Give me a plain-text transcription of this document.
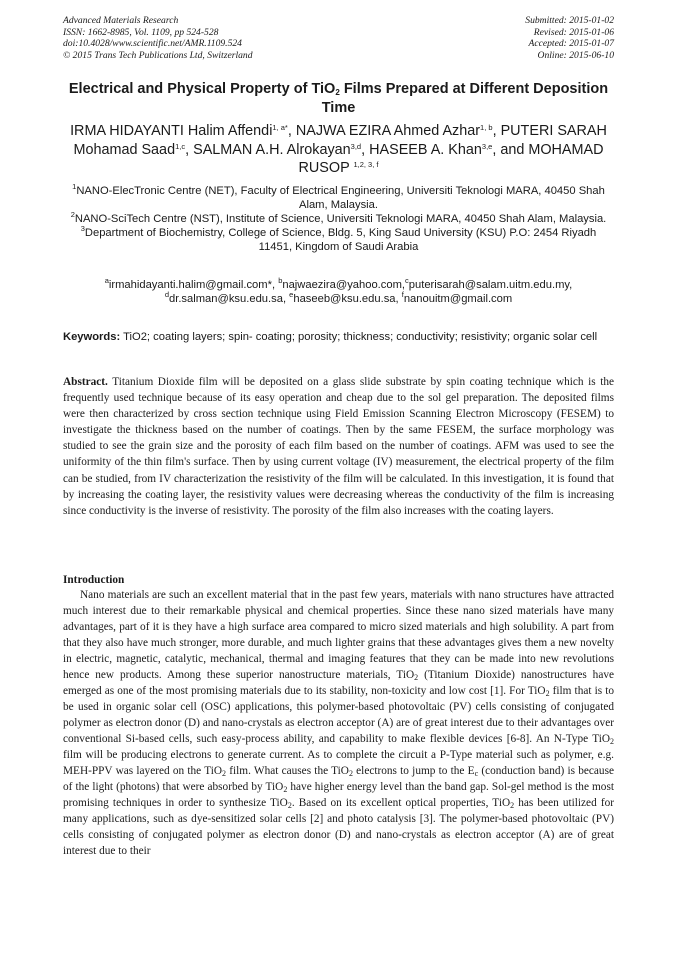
Advanced Materials Research
ISSN: 1662-8985, Vol. 1109, pp 524-528
doi:10.4028/www.scientific.net/AMR.1109.524
© 2015 Trans Tech Publications Ltd, Switzerland
Submitted: 2015-01-02
Revised: 2015-01-06
Accepted: 2015-01-07
Online: 2015-06-10
Electrical and Physical Property of TiO$_2$ Films Prepared at Different Deposition Time
IRMA HIDAYANTI Halim Affendi$^{1, a*}$, NAJWA EZIRA Ahmed Azhar$^{1, b}$, PUTERI SARAH Mohamad Saad$^{1,c}$, SALMAN A.H. Alrokayan$^{3,d}$, HASEEB A. Khan$^{3,e}$, and MOHAMAD RUSOP $^{1,2, 3, f}$

$^1$NANO-ElecTronic Centre (NET), Faculty of Electrical Engineering, Universiti Teknologi MARA, 40450 Shah Alam, Malaysia.

$^2$NANO-SciTech Centre (NST), Institute of Science, Universiti Teknologi MARA, 40450 Shah Alam, Malaysia.

$^3$Department of Biochemistry, College of Science, Bldg. 5, King Saud University (KSU) P.O: 2454 Riyadh 11451, Kingdom of Saudi Arabia

$^a$irmahidayanti.halim@gmail.com*, $^b$najwaezira@yahoo.com,$^c$puterisarah@salam.uitm.edu.my,

$^d$dr.salman@ksu.edu.sa, $^e$haseeb@ksu.edu.sa, $^f$nanouitm@gmail.com

Keywords: TiO2; coating layers; spin- coating; porosity; thickness; conductivity; resistivity; organic solar cell

Abstract. Titanium Dioxide film will be deposited on a glass slide substrate by spin coating technique which is the frequently used technique because of its easy operation and cheap due to the sol gel preparation. The deposited films were then characterized by cross section technique using Field Emission Scanning Electron Microscopy (FESEM) to investigate the thickness based on the number of coatings. Then by the same FESEM, the surface morphology was studied to see the grain size and the porosity of each film based on the number of coatings. AFM was used to see the uniformity of the thin film's surface. Then by using current voltage (IV) measurement, the electrical property of the film can be studied, from IV characterization the resistivity of the film will be calculated. In this investigation, it is found that by increasing the coating layer, the resistivity values were decreasing whereas the conductivity of the film is increasing since conductivity is the inverse of resistivity. The porosity of the film also increases with the coating layers.

Introduction

Nano materials are such an excellent material that in the past few years, materials with nano structures have attracted much interest due to their remarkable physical and chemical properties. Since these nano sized materials have many advantages, part of it is they have a high surface area compared to micro sized materials and high solubility. A part from that they also have much stronger, more durable, and much lighter grains that these advantages gives them a new novelty in electric, magnetic, catalytic, mechanical, thermal and imaging features that they can be made into new revolutions hence new products. Among these superior nanostructure materials, TiO$_2$ (Titanium Dioxide) nanostructures have emerged as one of the most promising materials due to its stability, non-toxicity and low cost [1]. For TiO$_2$ film that is to be used in organic solar cell (OSC) applications, this polymer-based photovoltaic (PV) cells consisting of conjugated polymer as electron donor (D) and nano-crystals as electron acceptor (A) are of great interest due to their advantages over conventional Si-based cells, such easy-process ability, and capability to make flexible devices [6-8]. An N-Type TiO$_2$ film will be producing electrons to generate current. As to complete the circuit a P-Type material such as polymer, e.g. MEH-PPV was layered on the TiO$_2$ film. What causes the TiO$_2$ electrons to jump to the $E_c$ (conduction band) is because of the light (photons) that were absorbed by TiO$_2$ have higher energy level than the band gap. Sol-gel method is the most promising techniques in order to synthesize TiO$_2$. Based on its excellent optical properties, TiO$_2$ has been utilized for many applications, such as dye-sensitized solar cells [2] and photo catalysis [3]. The polymer-based photovoltaic (PV) cells consisting of conjugated polymer as electron donor (D) and nano-crystals as electron acceptor (A) are of great interest due to their
